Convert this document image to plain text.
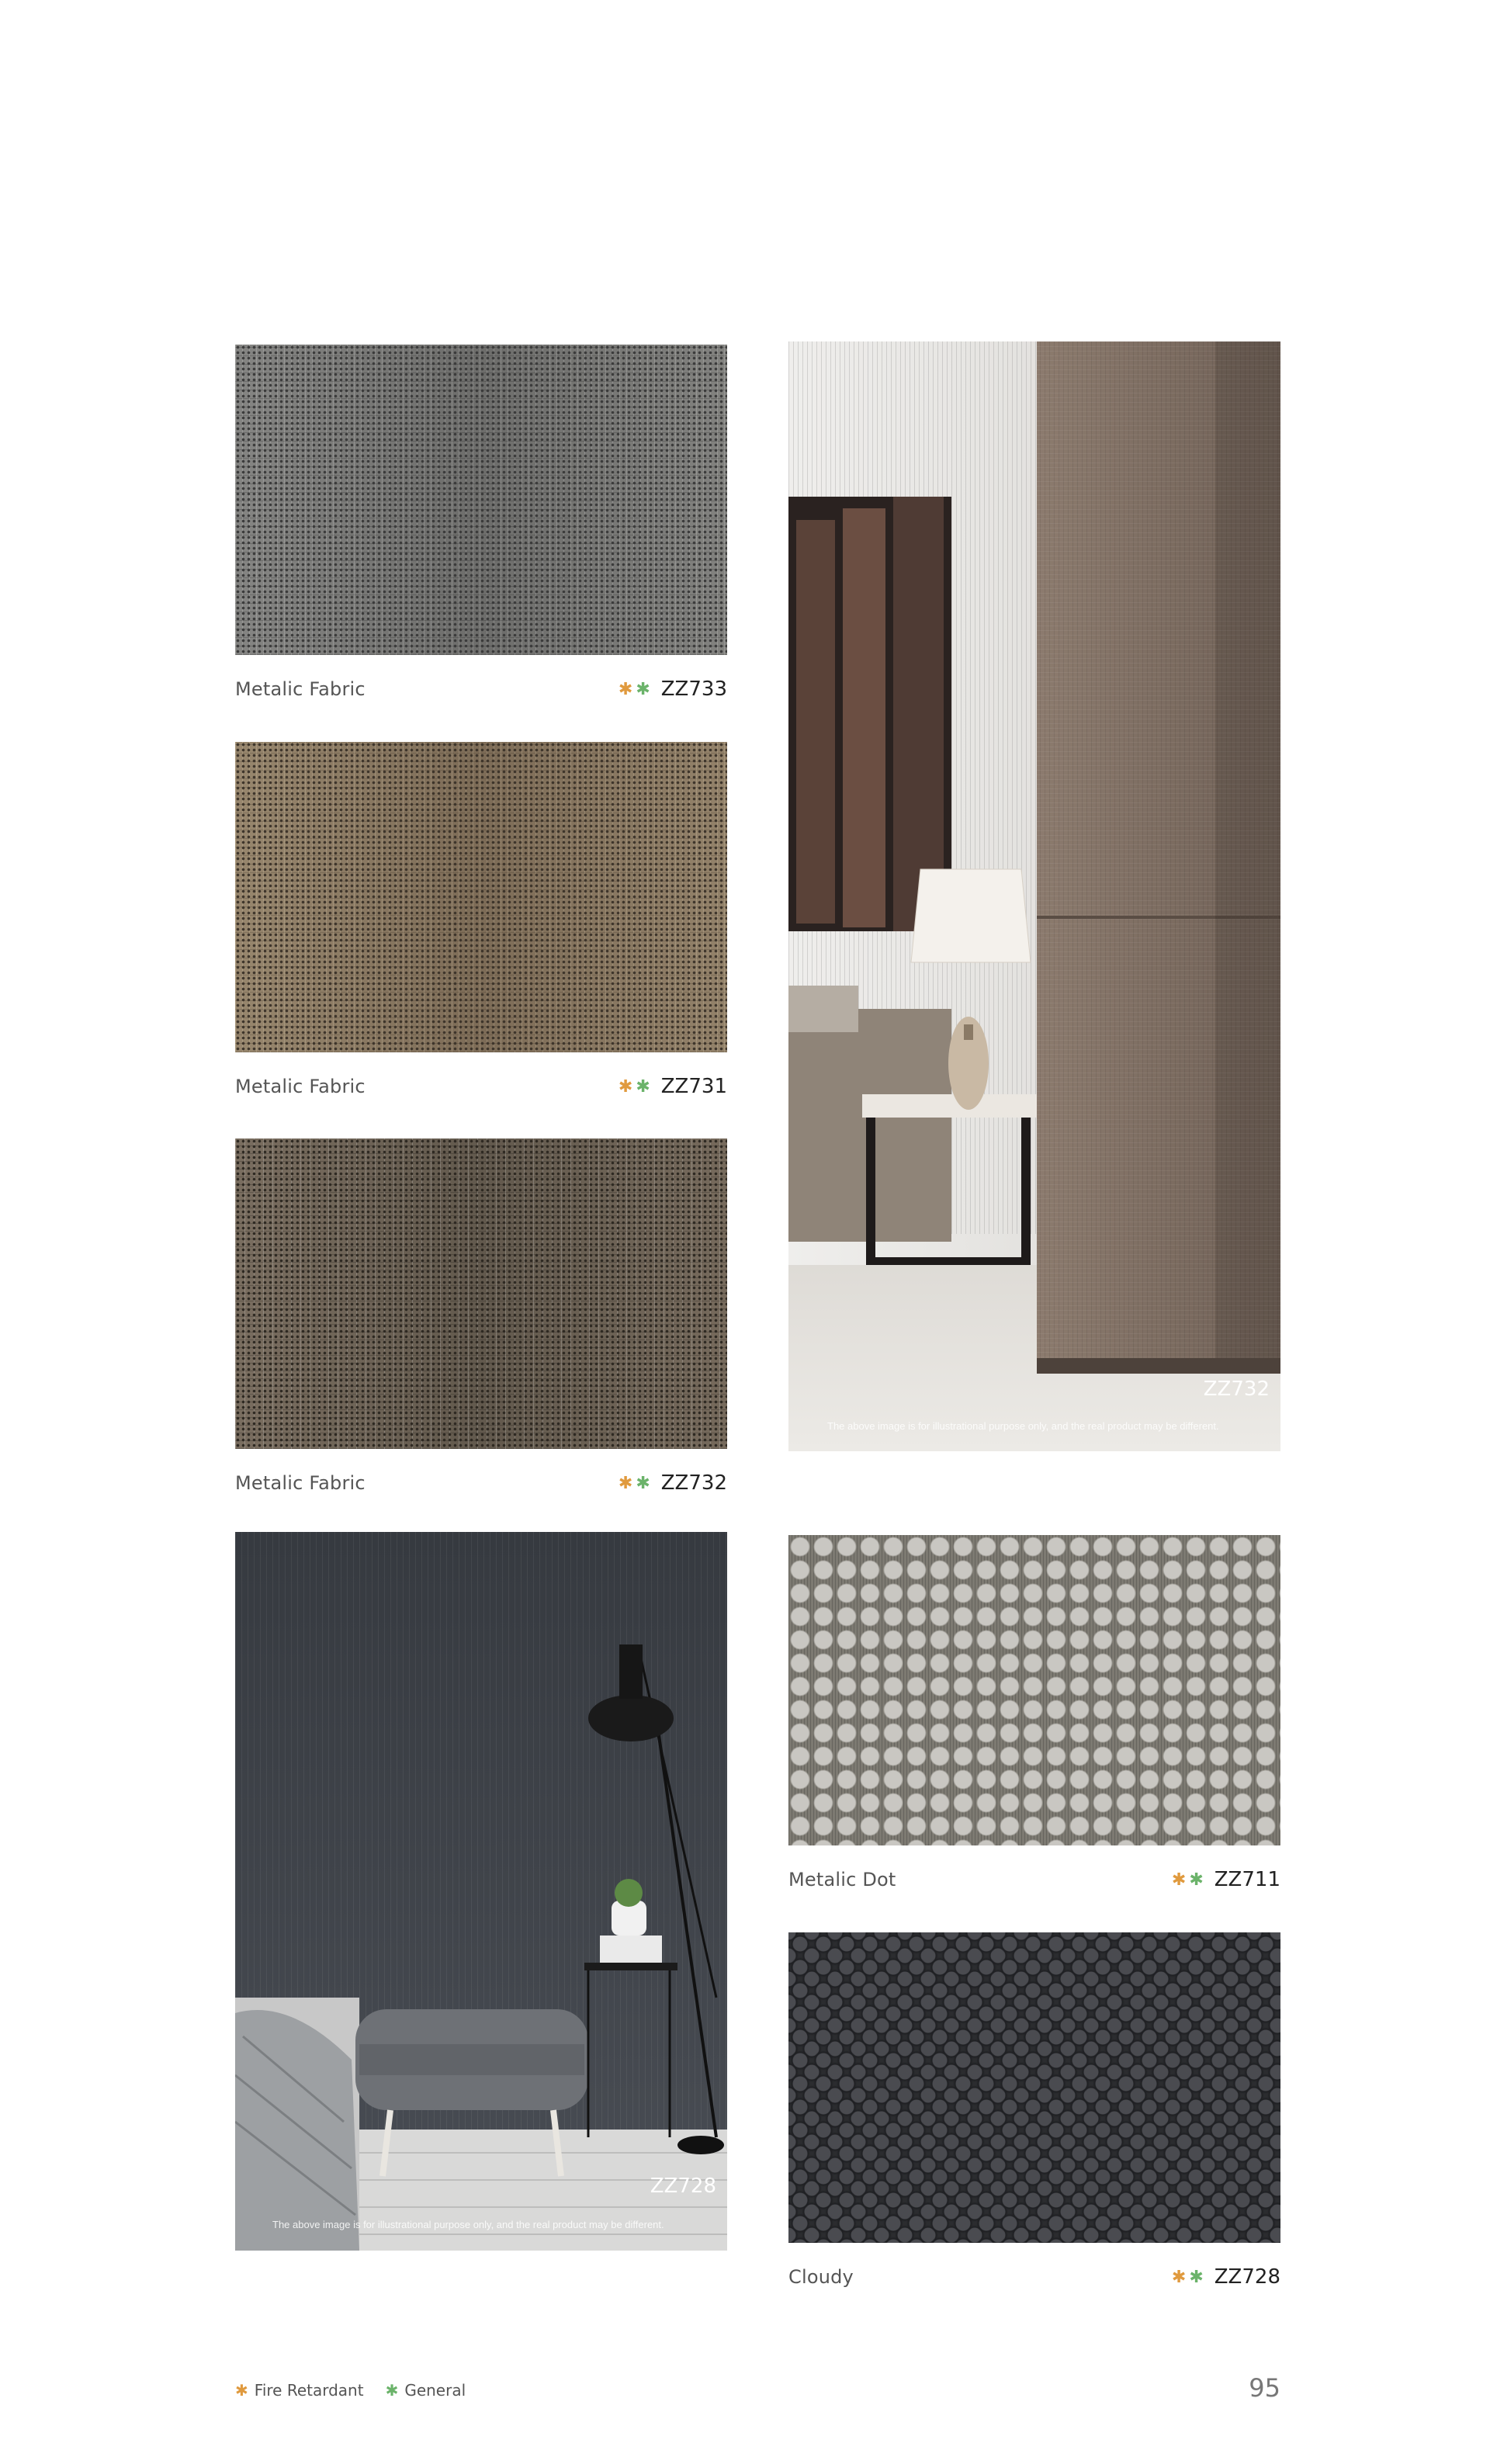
Metalic Fabric	✱ ✱ ZZ733
Metalic Fabric	✱ ✱ ZZ731
Metalic Fabric	✱ ✱ ZZ732
ZZ732
The above image is for illustrational purpose only, and the real product may be different.
ZZ728
The above image is for illustrational purpose only, and the real product may be different.
Metalic Dot	✱ ✱ ZZ711
Cloudy	✱ ✱ ZZ728
✱ Fire Retardant ✱ General	95
